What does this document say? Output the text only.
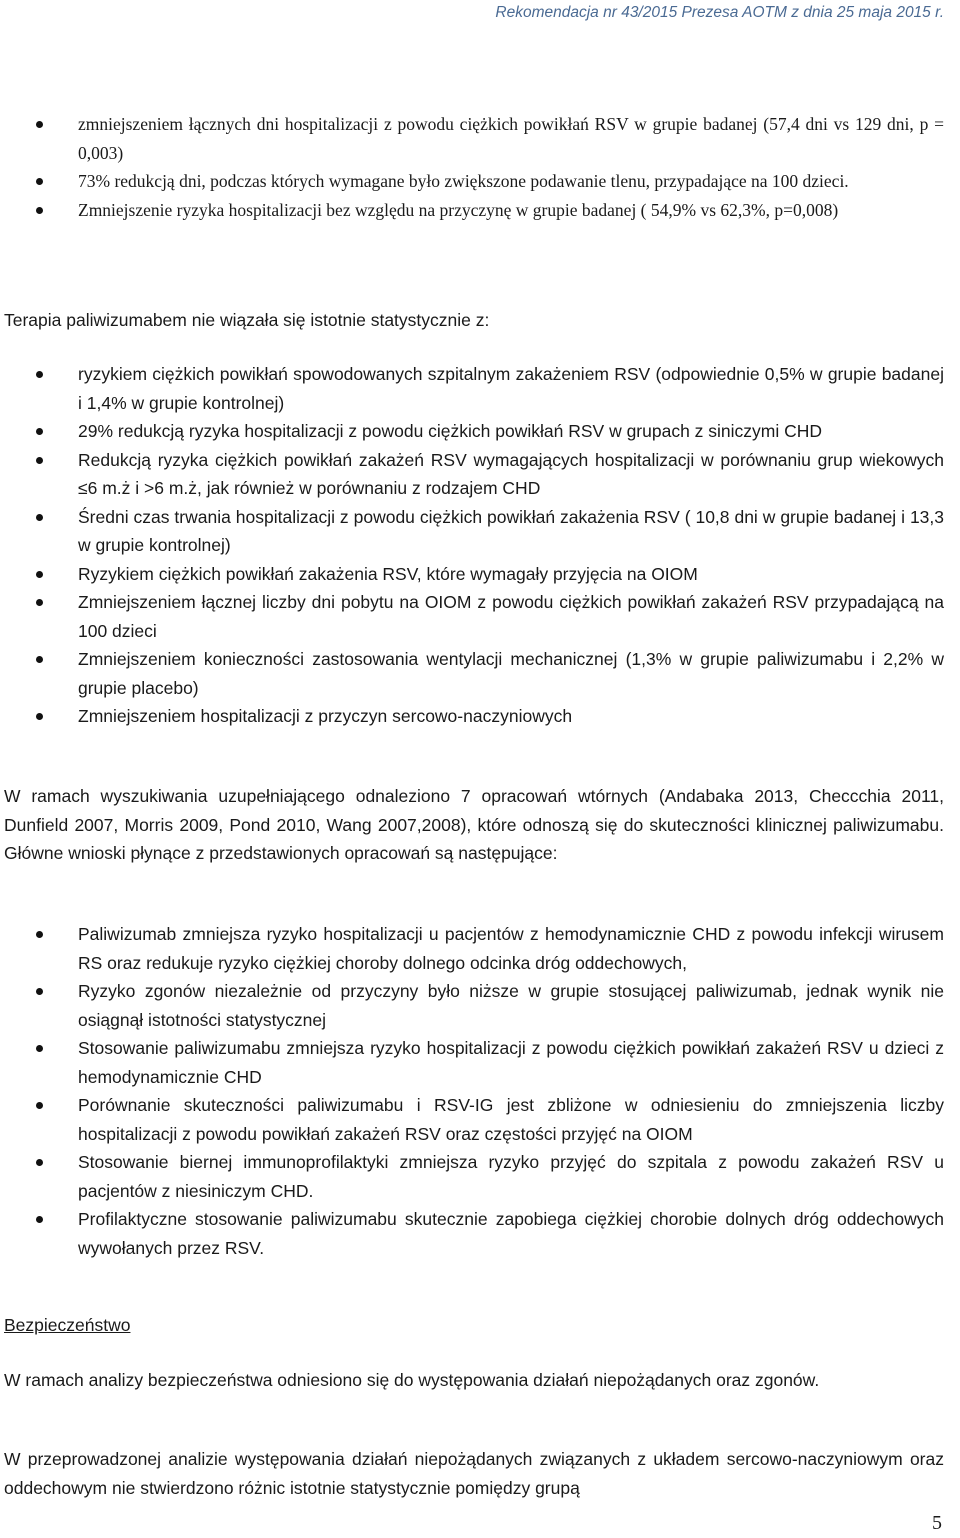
Rekomendacja nr 43/2015 Prezesa AOTM z dnia 25 maja 2015 r.
zmniejszeniem łącznych dni hospitalizacji z powodu ciężkich powikłań RSV w grupie badanej (57,4 dni vs 129 dni, p = 0,003)
73% redukcją dni, podczas których wymagane było zwiększone podawanie tlenu, przypadające na 100 dzieci.
Zmniejszenie ryzyka hospitalizacji bez względu na przyczynę w grupie badanej ( 54,9% vs 62,3%, p=0,008)

Terapia paliwizumabem nie wiązała się istotnie statystycznie z:

ryzykiem ciężkich powikłań spowodowanych szpitalnym zakażeniem RSV (odpowiednie 0,5% w grupie badanej i 1,4% w grupie kontrolnej)
29% redukcją ryzyka hospitalizacji z powodu ciężkich powikłań RSV w grupach z siniczymi CHD
Redukcją ryzyka ciężkich powikłań zakażeń RSV wymagających hospitalizacji w porównaniu grup wiekowych ≤6 m.ż i >6 m.ż, jak również w porównaniu z rodzajem CHD
Średni czas trwania hospitalizacji z powodu ciężkich powikłań zakażenia RSV ( 10,8 dni w grupie badanej i 13,3 w grupie kontrolnej)
Ryzykiem ciężkich powikłań zakażenia RSV, które wymagały przyjęcia na OIOM
Zmniejszeniem łącznej liczby dni pobytu na OIOM z powodu ciężkich powikłań zakażeń RSV przypadającą na 100 dzieci
Zmniejszeniem konieczności zastosowania wentylacji mechanicznej (1,3% w grupie paliwizumabu i 2,2% w grupie placebo)
Zmniejszeniem hospitalizacji z przyczyn sercowo-naczyniowych

W ramach wyszukiwania uzupełniającego odnaleziono 7 opracowań wtórnych (Andabaka 2013, Checcchia 2011, Dunfield 2007, Morris 2009, Pond 2010, Wang 2007,2008), które odnoszą się do skuteczności klinicznej paliwizumabu. Główne wnioski płynące z przedstawionych opracowań są następujące:

Paliwizumab zmniejsza ryzyko hospitalizacji u pacjentów z hemodynamicznie CHD z powodu infekcji wirusem RS oraz redukuje ryzyko ciężkiej choroby dolnego odcinka dróg oddechowych,
Ryzyko zgonów niezależnie od przyczyny było niższe w grupie stosującej paliwizumab, jednak wynik nie osiągnął istotności statystycznej
Stosowanie paliwizumabu zmniejsza ryzyko hospitalizacji z powodu ciężkich powikłań zakażeń RSV u dzieci z hemodynamicznie CHD
Porównanie skuteczności paliwizumabu i RSV-IG jest zbliżone w odniesieniu do zmniejszenia liczby hospitalizacji z powodu powikłań zakażeń RSV oraz częstości przyjęć na OIOM
Stosowanie biernej immunoprofilaktyki zmniejsza ryzyko przyjęć do szpitala z powodu zakażeń RSV u pacjentów z niesiniczym CHD.
Profilaktyczne stosowanie paliwizumabu skutecznie zapobiega ciężkiej chorobie dolnych dróg oddechowych wywołanych przez RSV.
Bezpieczeństwo

W ramach analizy bezpieczeństwa odniesiono się do występowania działań niepożądanych oraz zgonów.

W przeprowadzonej analizie występowania działań niepożądanych związanych z układem sercowo-naczyniowym oraz oddechowym nie stwierdzono różnic istotnie statystycznie pomiędzy grupą

5
